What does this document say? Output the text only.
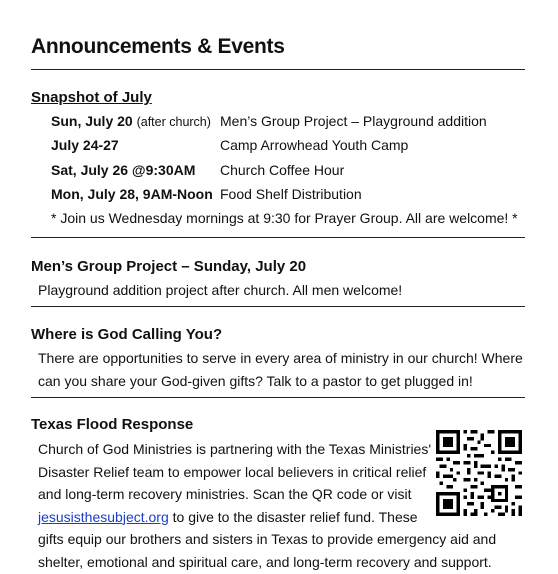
Announcements & Events
Snapshot of July
Sun, July 20 (after church) Men’s Group Project – Playground addition
July 24-27	Camp Arrowhead Youth Camp
Sat, July 26 @9:30AM Church Coffee Hour
Mon, July 28, 9AM-Noon Food Shelf Distribution
* Join us Wednesday mornings at 9:30 for Prayer Group. All are welcome! *
Men’s Group Project – Sunday, July 20
Playground addition project after church. All men welcome!
Where is God Calling You?
There are opportunities to serve in every area of ministry in our church! Where
can you share your God-given gifts? Talk to a pastor to get plugged in!
Texas Flood Response
Church of God Ministries is partnering with the Texas Ministries'
Disaster Relief team to empower local believers in critical relief
and long-term recovery ministries. Scan the QR code or visit
jesusisthesubject.org to give to the disaster relief fund. These
gifts equip our brothers and sisters in Texas to provide emergency aid and
shelter, emotional and spiritual care, and long-term recovery and support.
